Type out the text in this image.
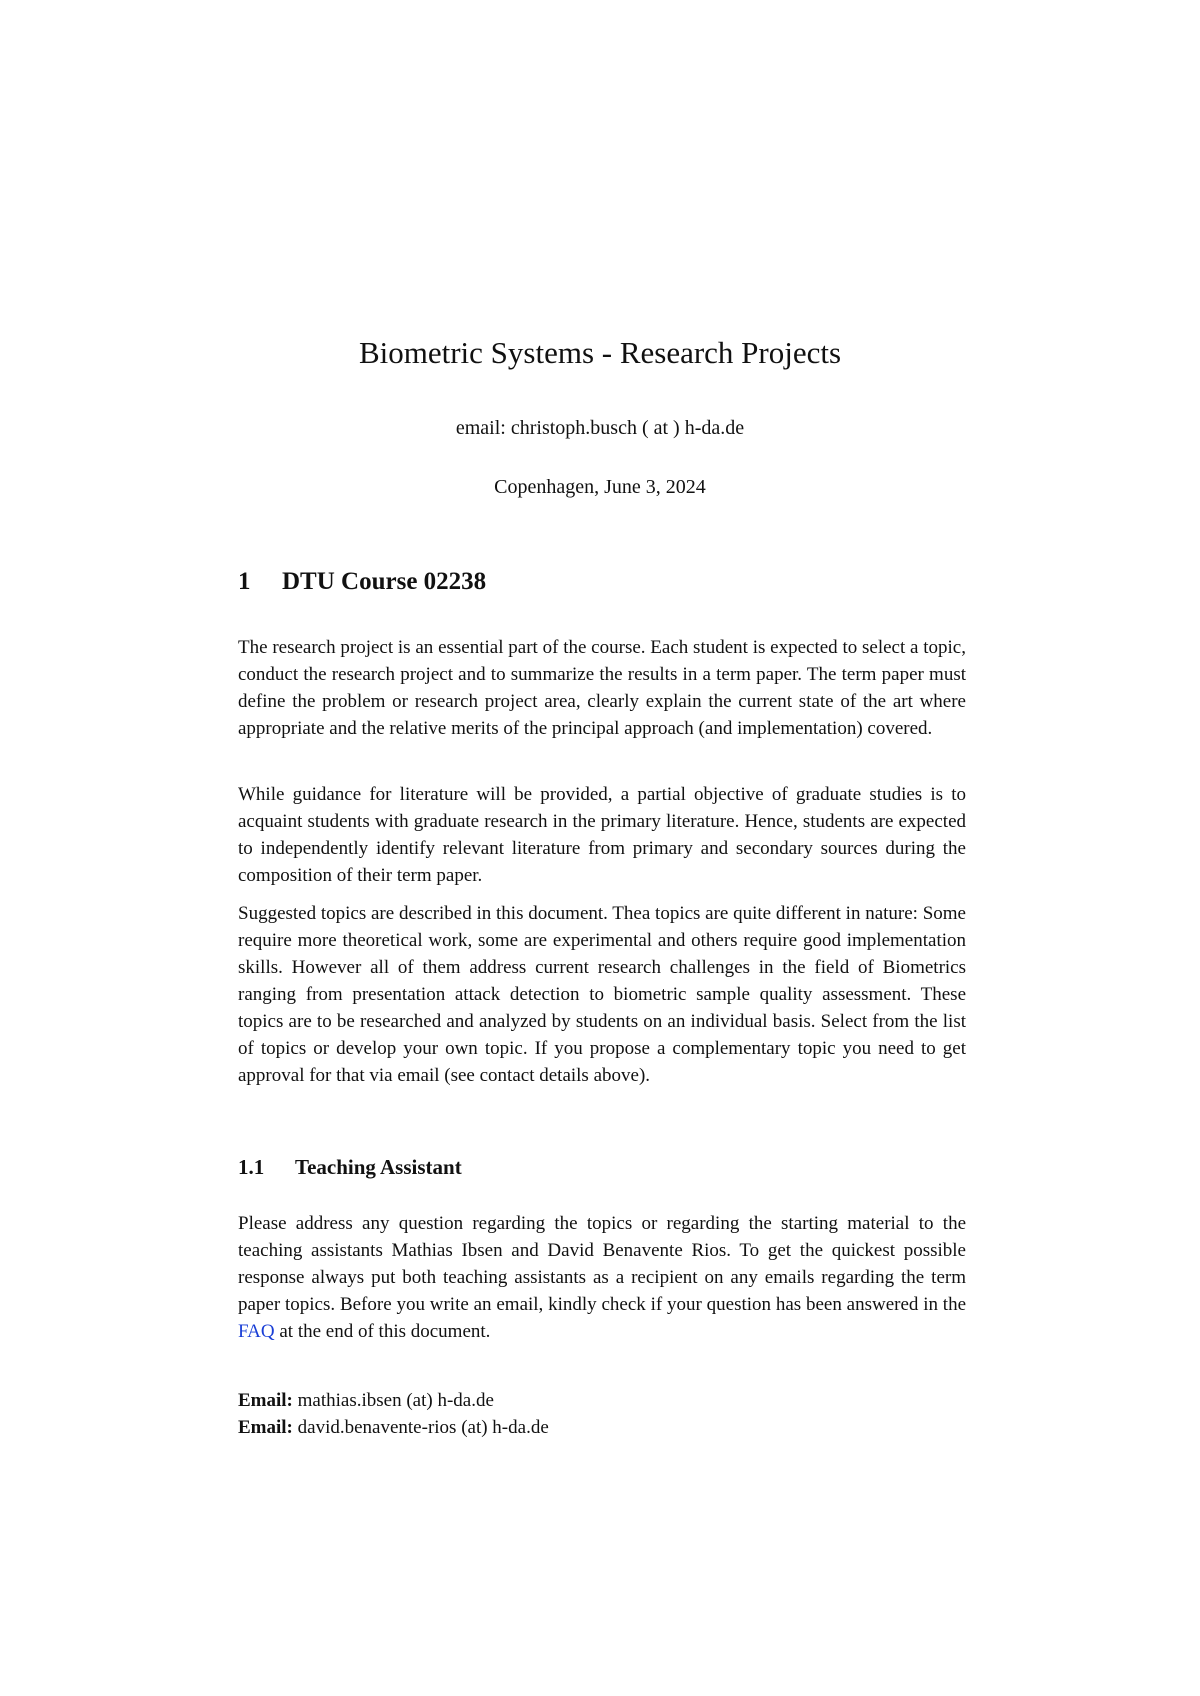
Biometric Systems - Research Projects
email: christoph.busch ( at ) h-da.de
Copenhagen, June 3, 2024
1 DTU Course 02238

The research project is an essential part of the course. Each student is expected to select a topic, conduct the research project and to summarize the results in a term paper. The term paper must define the problem or research project area, clearly explain the current state of the art where appropriate and the relative merits of the principal approach (and implementation) covered.

While guidance for literature will be provided, a partial objective of graduate studies is to acquaint students with graduate research in the primary literature. Hence, students are expected to independently identify relevant literature from primary and secondary sources during the composition of their term paper.

Suggested topics are described in this document. Thea topics are quite different in nature: Some require more theoretical work, some are experimental and others require good implementation skills. However all of them address current research challenges in the field of Biometrics ranging from presentation attack detection to biometric sample quality assessment. These topics are to be researched and analyzed by students on an individual basis. Select from the list of topics or develop your own topic. If you propose a complementary topic you need to get approval for that via email (see contact details above).

1.1 Teaching Assistant

Please address any question regarding the topics or regarding the starting material to the teaching assistants Mathias Ibsen and David Benavente Rios. To get the quickest possible response always put both teaching assistants as a recipient on any emails regarding the term paper topics. Before you write an email, kindly check if your question has been answered in the FAQ at the end of this document.

Email: mathias.ibsen (at) h-da.de
Email: david.benavente-rios (at) h-da.de
